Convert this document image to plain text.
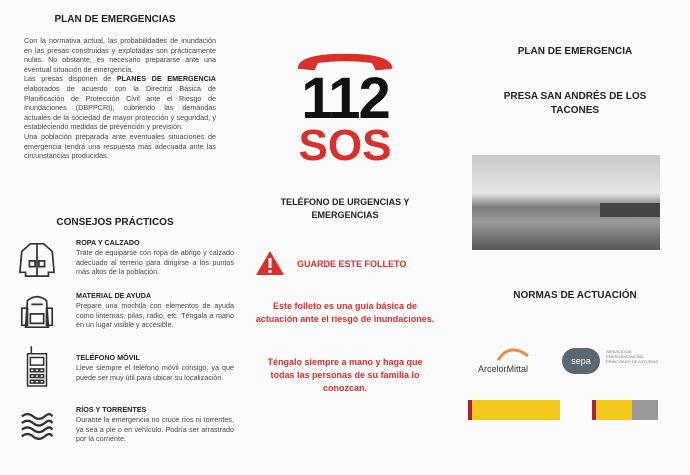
PLAN DE EMERGENCIAS

Con la normativa actual, las probabilidades de inundación en las presas construidas y explotadas son prácticamente nulas. No obstante, es necesario prepararse ante una eventual situación de emergencia.

Las presas disponen de PLANES DE EMERGENCIA elaborados de acuerdo con la Directriz Básica de Planificación de Protección Civil ante el Riesgo de Inundaciones (DBPPCRI), cubriendo las demandas actuales de la sociedad de mayor protección y seguridad, y estableciendo medidas de prevención y previsión.

Una población preparada ante eventuales situaciones de emergencia tendrá una respuesta más adecuada ante las circunstancias producidas.

CONSEJOS PRÁCTICOS
ROPA Y CALZADO

Trate de equiparse con ropa de abrigo y calzado adecuado al terreno para dirigirse a los puntos más altos de la población.

MATERIAL DE AYUDA

Prepare una mochila con elementos de ayuda como linternas, pilas, radio, etc. Téngala a mano en un lugar visible y accesible.

TELÉFONO MÓVIL

Lleve siempre el teléfono móvil consigo, ya que puede ser muy útil para ubicar su localización.

RÍOS Y TORRENTES

Durante la emergencia no cruce ríos ni torrentes, ya sea a pie o en vehículo. Podría ser arrastrado por la corriente.

112
SOS
TELÉFONO DE URGENCIAS Y EMERGENCIAS
GUARDE ESTE FOLLETO
Este folleto es una guía básica de actuación ante el riesgo de inundaciones.
Téngalo siempre a mano y haga que todas las personas de su familia lo conozcan.
PLAN DE EMERGENCIA
PRESA SAN ANDRÉS DE LOS TACONES
NORMAS DE ACTUACIÓN
ArcelorMittal
sepa
SERVICIO DE EMERGENCIAS DEL PRINCIPADO DE ASTURIAS
